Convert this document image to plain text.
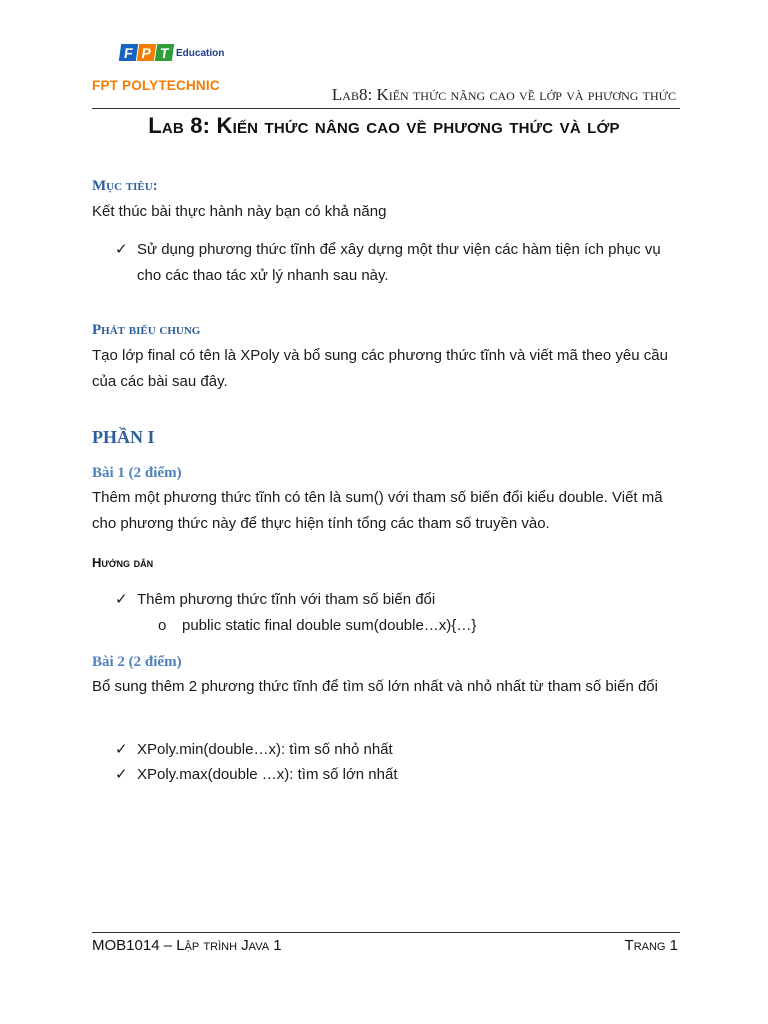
F P T Education
FPT POLYTECHNIC	Lab8: Kiến thức nâng cao về lớp và phương thức
Lab 8: Kiến thức nâng cao về phương thức và lớp
Mục tiêu:
Kết thúc bài thực hành này bạn có khả năng
✓ Sử dụng phương thức tĩnh để xây dựng một thư viện các hàm tiện ích phục vụ cho các thao tác xử lý nhanh sau này.
Phát biểu chung
Tạo lớp final có tên là XPoly và bổ sung các phương thức tĩnh và viết mã theo yêu cầu của các bài sau đây.
PHẦN I
Bài 1 (2 điểm)
Thêm một phương thức tĩnh có tên là sum() với tham số biến đổi kiểu double. Viết mã cho phương thức này để thực hiện tính tổng các tham số truyền vào.
Hướng dẫn
✓ Thêm phương thức tĩnh với tham số biến đổi
o	public static final double sum(double…x){…}
Bài 2 (2 điểm)
Bổ sung thêm 2 phương thức tĩnh để tìm số lớn nhất và nhỏ nhất từ tham số biến đổi
✓ XPoly.min(double…x): tìm số nhỏ nhất
✓ XPoly.max(double …x): tìm số lớn nhất
MOB1014 – Lập trình Java 1	Trang 1
